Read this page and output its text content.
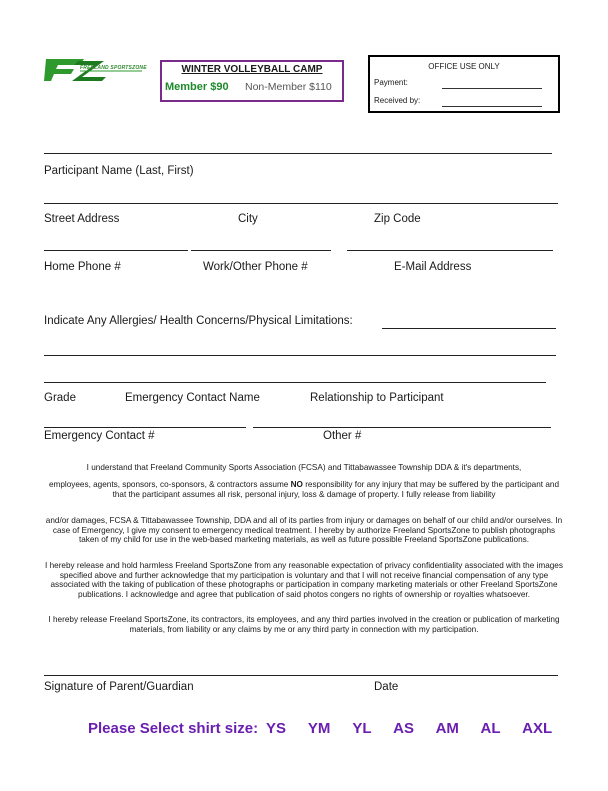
FREELAND SPORTSZONE	WINTER VOLLEYBALL CAMP
Member $90 Non-Member $110
OFFICE USE ONLY
Payment:
Received by:
Participant Name (Last, First)
Street Address	City	Zip Code
Home Phone #	Work/Other Phone #	E-Mail Address
Indicate Any Allergies/ Health Concerns/Physical Limitations:
Grade	Emergency Contact Name	Relationship to Participant
Emergency Contact #	Other #
I understand that Freeland Community Sports Association (FCSA) and Tittabawassee Township DDA & it's departments,
employees, agents, sponsors, co-sponsors, & contractors assume NO responsibility for any injury that may be suffered by the participant and that the participant assumes all risk, personal injury, loss & damage of property. I fully release from liability
and/or damages, FCSA & Tittabawassee Township, DDA and all of its parties from injury or damages on behalf of our child and/or ourselves. In case of Emergency, I give my consent to emergency medical treatment. I hereby by authorize Freeland SportsZone to publish photographs taken of my child for use in the web-based marketing materials, as well as future possible Freeland SportsZone publications.
I hereby release and hold harmless Freeland SportsZone from any reasonable expectation of privacy confidentiality associated with the images specified above and further acknowledge that my participation is voluntary and that I will not receive financial compensation of any type associated with the taking of publication of these photographs or participation in company marketing materials or other Freeland SportsZone publications. I acknowledge and agree that publication of said photos congers no rights of ownership or royalties whatsoever.
I hereby release Freeland SportsZone, its contractors, its employees, and any third parties involved in the creation or publication of marketing materials, from liability or any claims by me or any third party in connection with my participation.
Signature of Parent/Guardian	Date
Please Select shirt size: YS YM YL AS AM AL AXL
